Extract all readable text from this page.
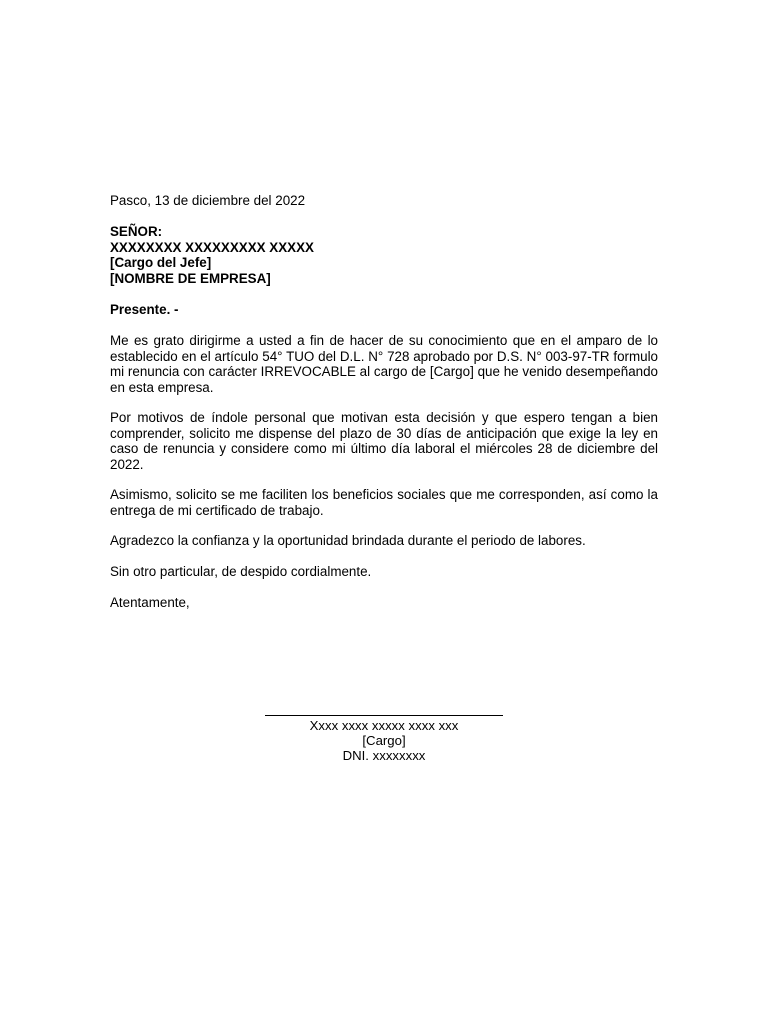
Pasco, 13 de diciembre del 2022
SEÑOR:
XXXXXXXX XXXXXXXXX XXXXX
[Cargo del Jefe]
[NOMBRE DE EMPRESA]
Presente. -
Me es grato dirigirme a usted a fin de hacer de su conocimiento que en el amparo de lo establecido en el artículo 54° TUO del D.L. N° 728 aprobado por D.S. N° 003-97-TR formulo mi renuncia con carácter IRREVOCABLE al cargo de [Cargo] que he venido desempeñando en esta empresa.
Por motivos de índole personal que motivan esta decisión y que espero tengan a bien comprender, solicito me dispense del plazo de 30 días de anticipación que exige la ley en caso de renuncia y considere como mi último día laboral el miércoles 28 de diciembre del 2022.
Asimismo, solicito se me faciliten los beneficios sociales que me corresponden, así como la entrega de mi certificado de trabajo.
Agradezco la confianza y la oportunidad brindada durante el periodo de labores.
Sin otro particular, de despido cordialmente.
Atentamente,
Xxxx xxxx xxxxx xxxx xxx
[Cargo]
DNI. xxxxxxxx
